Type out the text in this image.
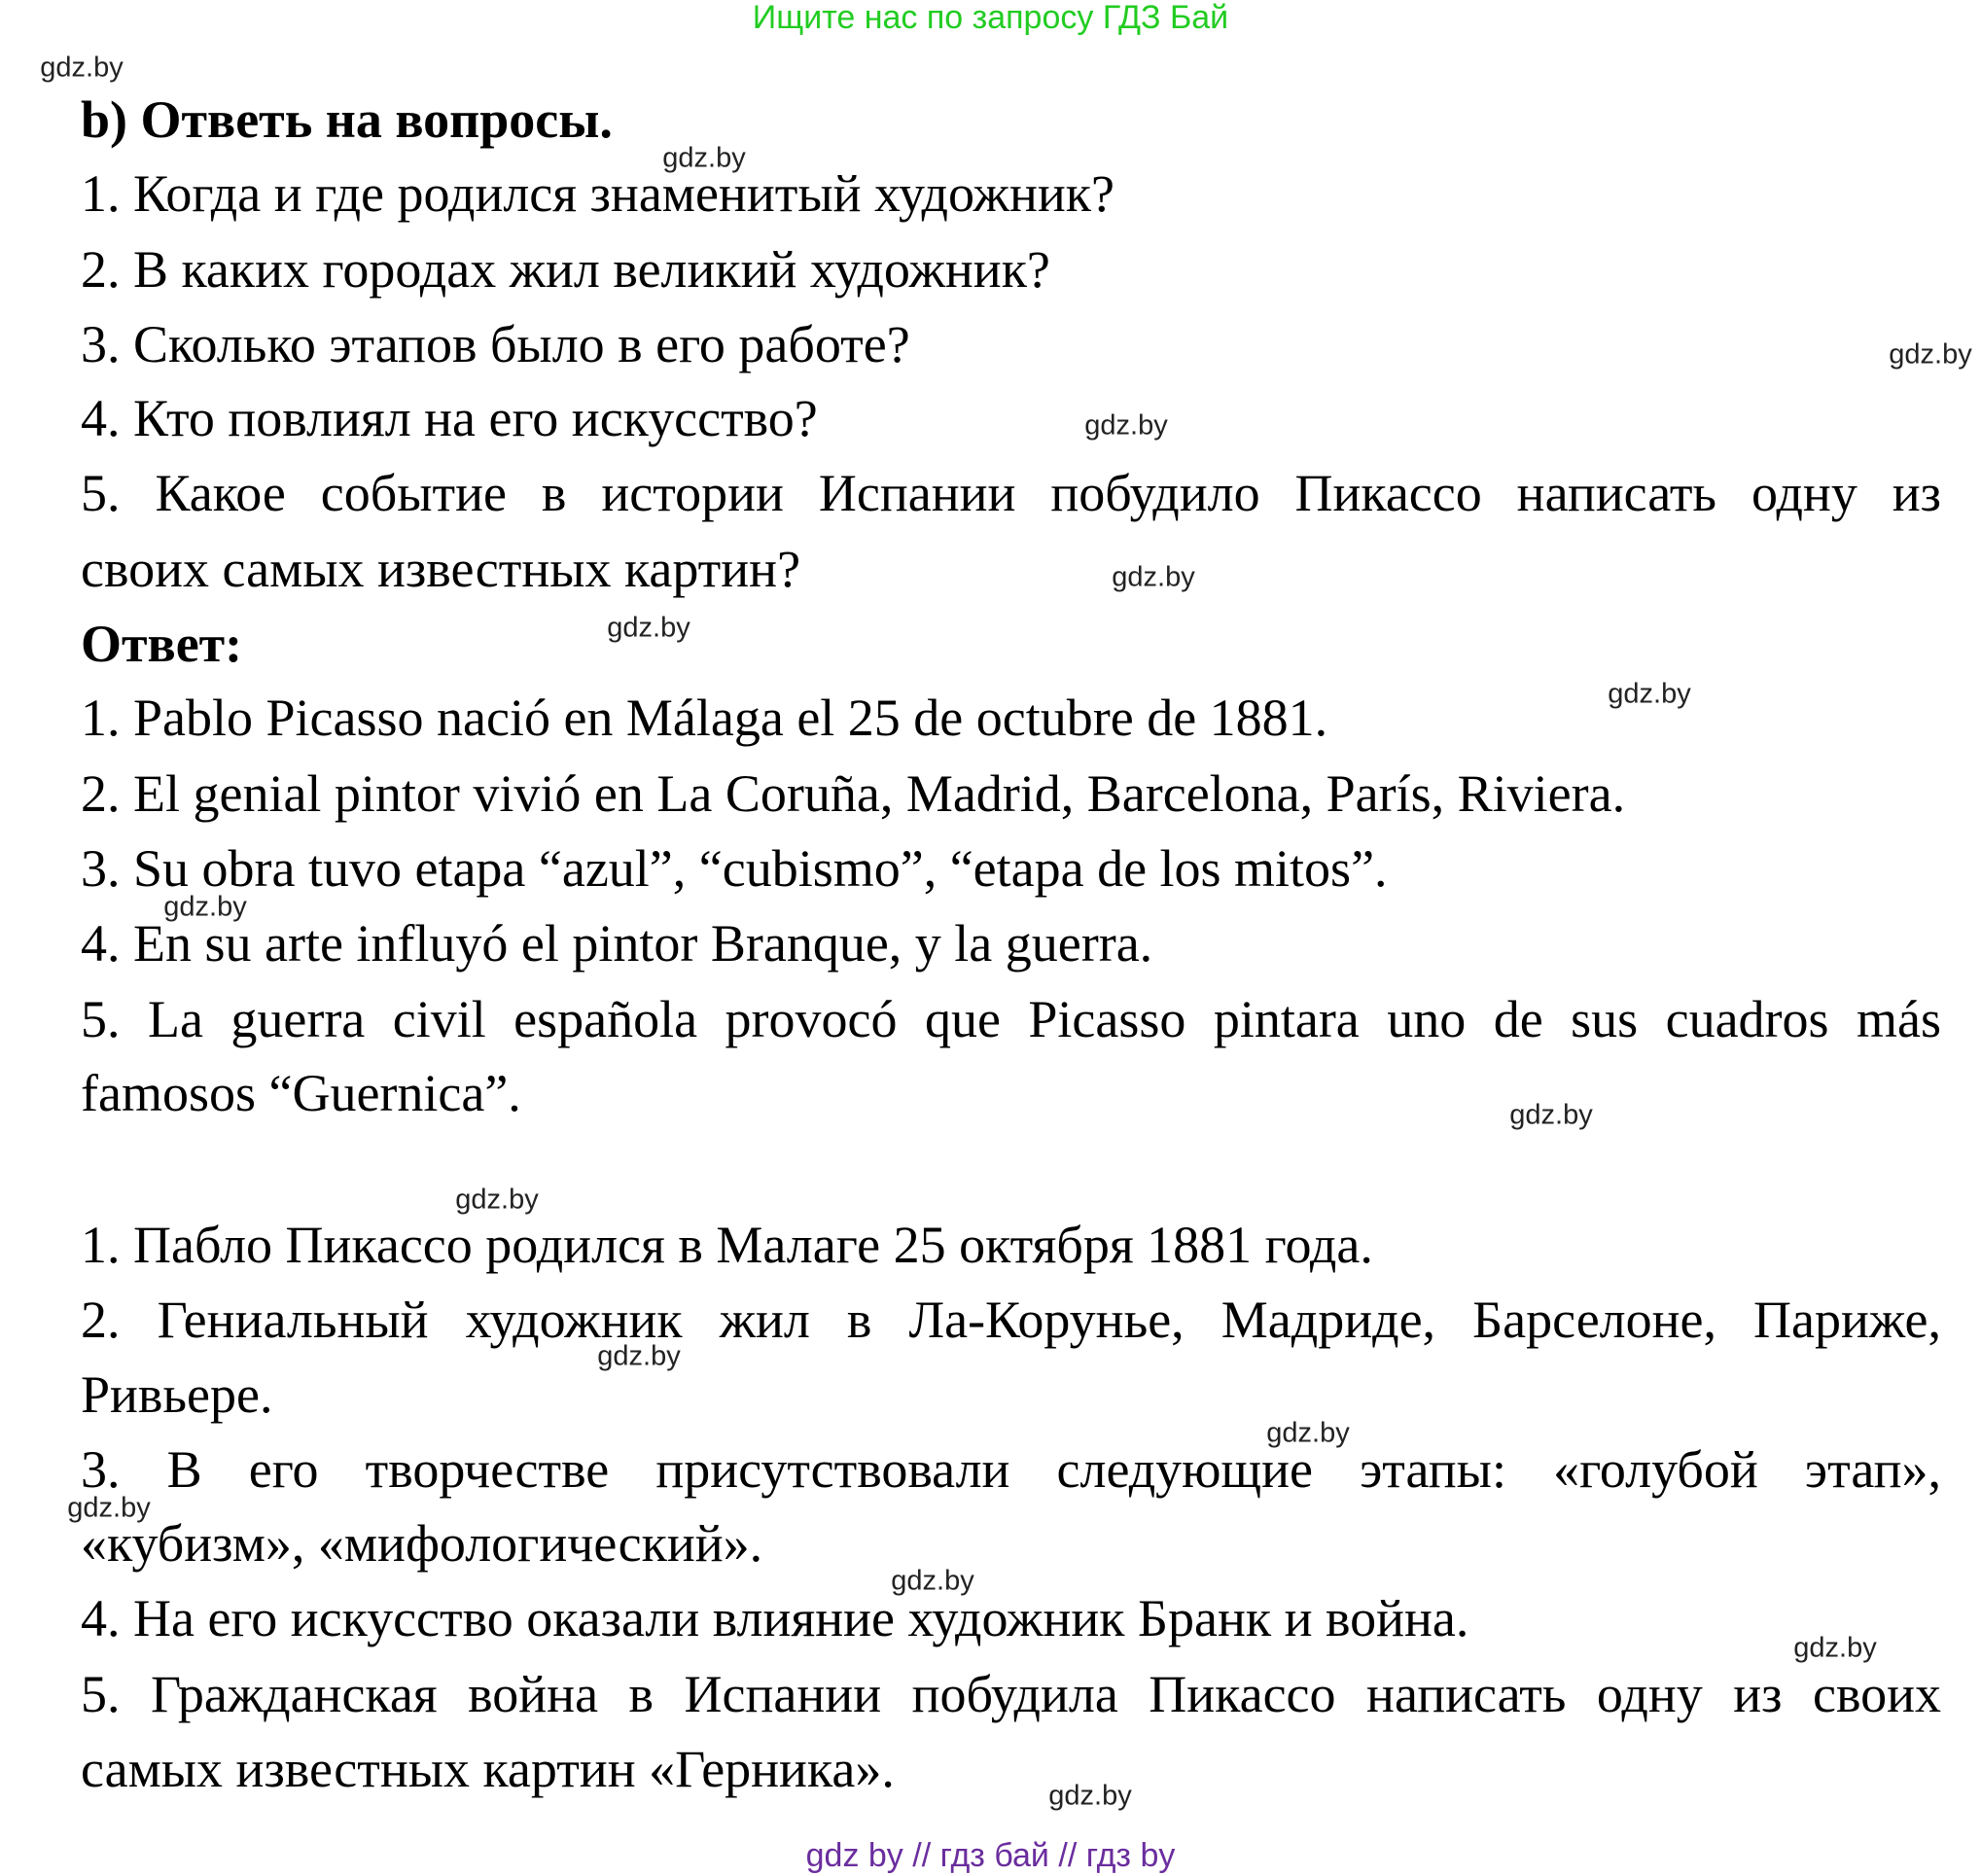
Ищите нас по запросу ГДЗ Бай
b) Ответь на вопросы.
1. Когда и где родился знаменитый художник?
2. В каких городах жил великий художник?
3. Сколько этапов было в его работе?
4. Кто повлиял на его искусство?
5. Какое событие в истории Испании побудило Пикассо написать одну из
своих самых известных картин?
Ответ:
1. Pablo Picasso nació en Málaga el 25 de octubre de 1881.
2. El genial pintor vivió en La Coruña, Madrid, Barcelona, París, Riviera.
3. Su obra tuvo etapa “azul”, “cubismo”, “etapa de los mitos”.
4. En su arte influyó el pintor Branque, y la guerra.
5. La guerra civil española provocó que Picasso pintara uno de sus cuadros más
famosos “Guernica”.
1. Пабло Пикассо родился в Малаге 25 октября 1881 года.
2. Гениальный художник жил в Ла-Корунье, Мадриде, Барселоне, Париже,
Ривьере.
3. В его творчестве присутствовали следующие этапы: «голубой этап»,
«кубизм», «мифологический».
4. На его искусство оказали влияние художник Бранк и война.
5. Гражданская война в Испании побудила Пикассо написать одну из своих
самых известных картин «Герника».
gdz.by
gdz.by
gdz.by
gdz.by
gdz.by
gdz.by
gdz.by
gdz.by
gdz.by
gdz.by
gdz.by
gdz.by
gdz.by
gdz.by
gdz.by
gdz.by
gdz by // гдз бай // гдз by
